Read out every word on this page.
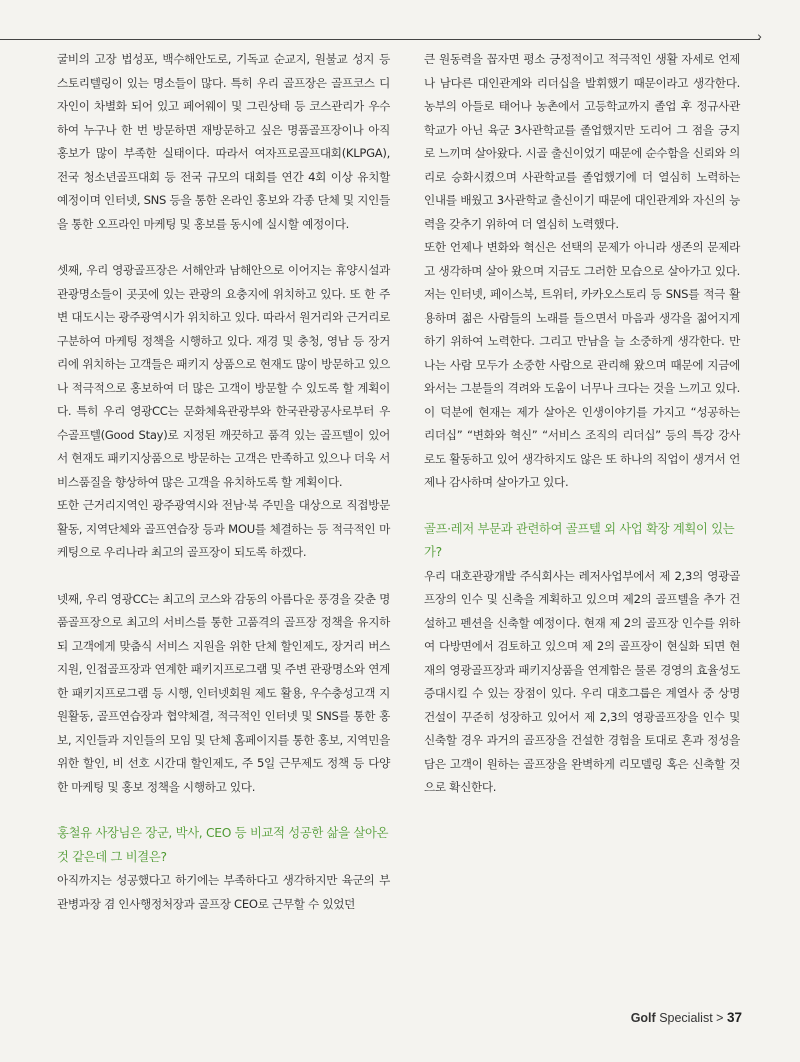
›

굴비의 고장 법성포, 백수해안도로, 기독교 순교지, 원불교 성지 등 스토리텔링이 있는 명소들이 많다. 특히 우리 골프장은 골프코스 디자인이 차별화 되어 있고 페어웨이 및 그린상태 등 코스관리가 우수하여 누구나 한 번 방문하면 재방문하고 싶은 명품골프장이나 아직 홍보가 많이 부족한 실태이다. 따라서 여자프로골프대회(KLPGA), 전국 청소년골프대회 등 전국 규모의 대회를 연간 4회 이상 유치할 예정이며 인터넷, SNS 등을 통한 온라인 홍보와 각종 단체 및 지인들을 통한 오프라인 마케팅 및 홍보를 동시에 실시할 예정이다.

셋째, 우리 영광골프장은 서해안과 남해안으로 이어지는 휴양시설과 관광명소들이 곳곳에 있는 관광의 요충지에 위치하고 있다. 또 한 주변 대도시는 광주광역시가 위치하고 있다. 따라서 원거리와 근거리로 구분하여 마케팅 정책을 시행하고 있다. 재경 및 충청, 영남 등 장거리에 위치하는 고객들은 패키지 상품으로 현재도 많이 방문하고 있으나 적극적으로 홍보하여 더 많은 고객이 방문할 수 있도록 할 계획이다. 특히 우리 영광CC는 문화체육관광부와 한국관광공사로부터 우수골프텔(Good Stay)로 지정된 깨끗하고 품격 있는 골프텔이 있어서 현재도 패키지상품으로 방문하는 고객은 만족하고 있으나 더욱 서비스품질을 향상하여 많은 고객을 유치하도록 할 계획이다.

또한 근거리지역인 광주광역시와 전남·북 주민을 대상으로 직접방문 활동, 지역단체와 골프연습장 등과 MOU를 체결하는 등 적극적인 마케팅으로 우리나라 최고의 골프장이 되도록 하겠다.

넷째, 우리 영광CC는 최고의 코스와 감동의 아름다운 풍경을 갖춘 명품골프장으로 최고의 서비스를 통한 고품격의 골프장 정책을 유지하되 고객에게 맞춤식 서비스 지원을 위한 단체 할인제도, 장거리 버스지원, 인접골프장과 연계한 패키지프로그램 및 주변 관광명소와 연계한 패키지프로그램 등 시행, 인터넷회원 제도 활용, 우수충성고객 지원활동, 골프연습장과 협약체결, 적극적인 인터넷 및 SNS를 통한 홍보, 지인들과 지인들의 모임 및 단체 홈페이지를 통한 홍보, 지역민을 위한 할인, 비 선호 시간대 할인제도, 주 5일 근무제도 정책 등 다양한 마케팅 및 홍보 정책을 시행하고 있다.

홍철유 사장님은 장군, 박사, CEO 등 비교적 성공한 삶을 살아온 것 같은데 그 비결은?

아직까지는 성공했다고 하기에는 부족하다고 생각하지만 육군의 부관병과장 겸 인사행정처장과 골프장 CEO로 근무할 수 있었던

큰 원동력을 꼽자면 평소 긍정적이고 적극적인 생활 자세로 언제나 남다른 대인관계와 리더십을 발휘했기 때문이라고 생각한다. 농부의 아들로 태어나 농촌에서 고등학교까지 졸업 후 정규사관학교가 아닌 육군 3사관학교를 졸업했지만 도리어 그 점을 긍지로 느끼며 살아왔다. 시골 출신이었기 때문에 순수함을 신뢰와 의리로 승화시켰으며 사관학교를 졸업했기에 더 열심히 노력하는 인내를 배웠고 3사관학교 출신이기 때문에 대인관계와 자신의 능력을 갖추기 위하여 더 열심히 노력했다.

또한 언제나 변화와 혁신은 선택의 문제가 아니라 생존의 문제라고 생각하며 살아 왔으며 지금도 그러한 모습으로 살아가고 있다. 저는 인터넷, 페이스북, 트위터, 카카오스토리 등 SNS를 적극 활용하며 젊은 사람들의 노래를 들으면서 마음과 생각을 젊어지게 하기 위하여 노력한다. 그리고 만남을 늘 소중하게 생각한다. 만나는 사람 모두가 소중한 사람으로 관리해 왔으며 때문에 지금에 와서는 그분들의 격려와 도움이 너무나 크다는 것을 느끼고 있다. 이 덕분에 현재는 제가 살아온 인생이야기를 가지고 “성공하는 리더십” “변화와 혁신” “서비스 조직의 리더십” 등의 특강 강사로도 활동하고 있어 생각하지도 않은 또 하나의 직업이 생겨서 언제나 감사하며 살아가고 있다.

골프·레저 부문과 관련하여 골프텔 외 사업 확장 계획이 있는가?

우리 대호관광개발 주식회사는 레저사업부에서 제 2,3의 영광골프장의 인수 및 신축을 계획하고 있으며 제2의 골프텔을 추가 건설하고 펜션을 신축할 예정이다. 현재 제 2의 골프장 인수를 위하여 다방면에서 검토하고 있으며 제 2의 골프장이 현실화 되면 현재의 영광골프장과 패키지상품을 연계함은 물론 경영의 효율성도 증대시킬 수 있는 장점이 있다. 우리 대호그룹은 계열사 중 상명건설이 꾸준히 성장하고 있어서 제 2,3의 영광골프장을 인수 및 신축할 경우 과거의 골프장을 건설한 경험을 토대로 혼과 정성을 담은 고객이 원하는 골프장을 완벽하게 리모델링 혹은 신축할 것으로 확신한다.

Golf Specialist > 37
